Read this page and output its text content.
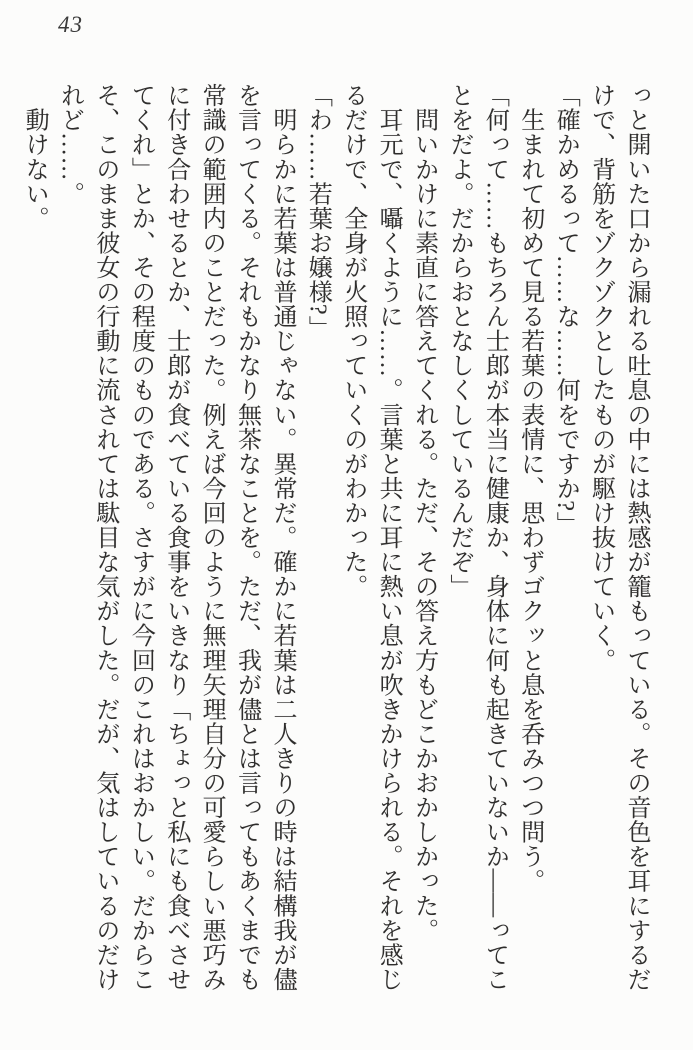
43

っと開いた口から漏れる吐息の中には熱感が籠もっている。その音色を耳にするだけで、背筋をゾクゾクとしたものが駆け抜けていく。

「確かめるって……な……何をですか?」

　生まれて初めて見る若葉の表情に、思わずゴクッと息を呑みつつ問う。

「何って……もちろん士郎が本当に健康か、身体に何も起きていないか——ってことをだよ。だからおとなしくしているんだぞ」

　問いかけに素直に答えてくれる。ただ、その答え方もどこかおかしかった。

　耳元で、囁くように……。言葉と共に耳に熱い息が吹きかけられる。それを感じるだけで、全身が火照っていくのがわかった。

「わ……若葉お嬢様?」

　明らかに若葉は普通じゃない。異常だ。確かに若葉は二人きりの時は結構我が儘を言ってくる。それもかなり無茶なことを。ただ、我が儘とは言ってもあくまでも常識の範囲内のことだった。例えば今回のように無理矢理自分の可愛らしい悪巧みに付き合わせるとか、士郎が食べている食事をいきなり「ちょっと私にも食べさせてくれ」とか、その程度のものである。さすがに今回のこれはおかしい。だからこそ、このまま彼女の行動に流されては駄目な気がした。だが、気はしているのだけれど……。

　動けない。
